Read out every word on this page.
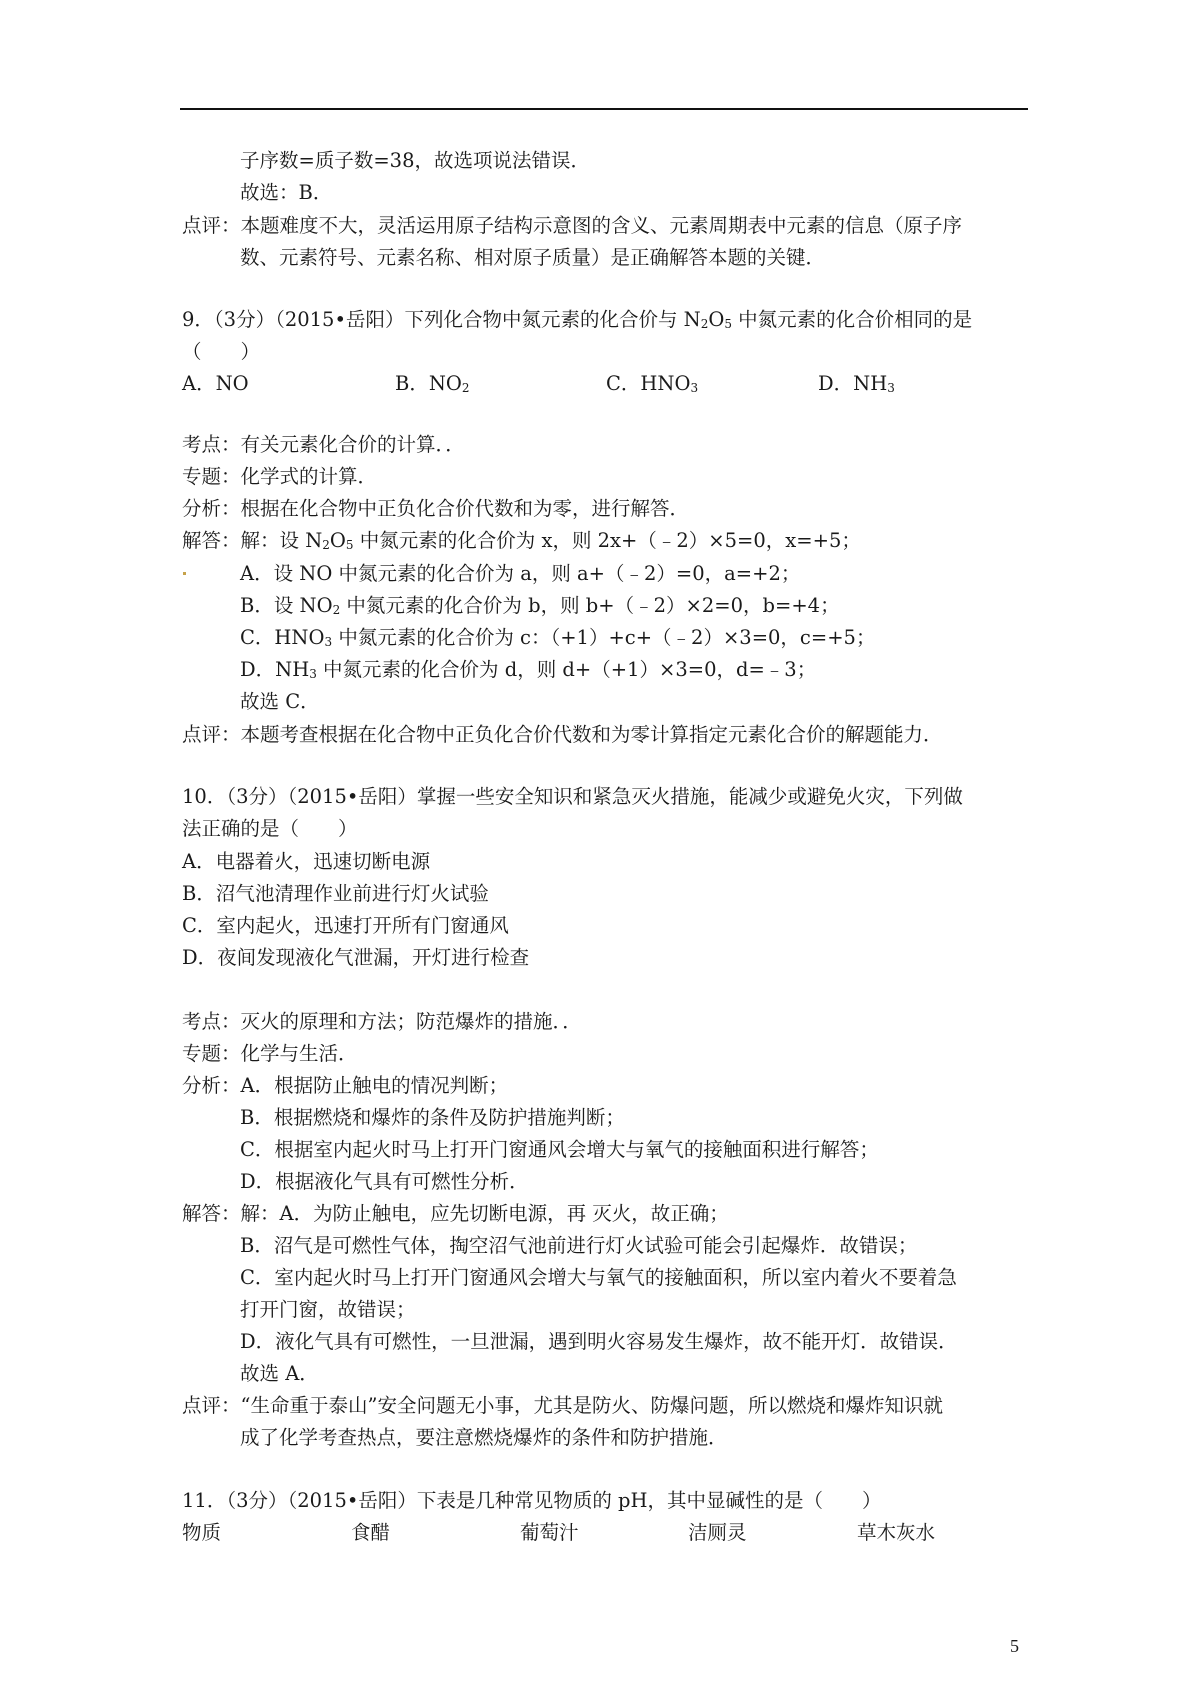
子序数=质子数=38，故选项说法错误．
故选：B．
点评：本题难度不大，灵活运用原子结构示意图的含义、元素周期表中元素的信息（原子序
数、元素符号、元素名称、相对原子质量）是正确解答本题的关键．
9．（3分）（2015•岳阳）下列化合物中氮元素的化合价与 $N_2O_5$ 中氮元素的化合价相同的是
（　　）
A．NO	B．$NO_2$	C．$HNO_3$	D．$NH_3$
考点：有关元素化合价的计算．．
专题：化学式的计算．
分析：根据在化合物中正负化合价代数和为零，进行解答．
解答：解：设 $N_2O_5$ 中氮元素的化合价为 x，则 2x+（﹣2）×5=0，x=+5；
A．设 NO 中氮元素的化合价为 a，则 a+（﹣2）=0，a=+2；
B．设 $NO_2$ 中氮元素的化合价为 b，则 b+（﹣2）×2=0，b=+4；
C．$HNO_3$ 中氮元素的化合价为 c：（+1）+c+（﹣2）×3=0，c=+5；
D．$NH_3$ 中氮元素的化合价为 d，则 d+（+1）×3=0，d=﹣3；
故选 C．
点评：本题考查根据在化合物中正负化合价代数和为零计算指定元素化合价的解题能力．
10．（3分）（2015•岳阳）掌握一些安全知识和紧急灭火措施，能减少或避免火灾，下列做
法正确的是（　　）
A．电器着火，迅速切断电源
B．沼气池清理作业前进行灯火试验
C．室内起火，迅速打开所有门窗通风
D．夜间发现液化气泄漏，开灯进行检查
考点：灭火的原理和方法；防范爆炸的措施．．
专题：化学与生活．
分析：A．根据防止触电的情况判断；
B．根据燃烧和爆炸的条件及防护措施判断；
C．根据室内起火时马上打开门窗通风会增大与氧气的接触面积进行解答；
D．根据液化气具有可燃性分析．
解答：解：A．为防止触电，应先切断电源，再 灭火，故正确；
B．沼气是可燃性气体，掏空沼气池前进行灯火试验可能会引起爆炸．故错误；
C．室内起火时马上打开门窗通风会增大与氧气的接触面积，所以室内着火不要着急
打开门窗，故错误；
D．液化气具有可燃性，一旦泄漏，遇到明火容易发生爆炸，故不能开灯．故错误．
故选 A．
点评：“生命重于泰山”安全问题无小事，尤其是防火、防爆问题，所以燃烧和爆炸知识就
成了化学考查热点，要注意燃烧爆炸的条件和防护措施．
11．（3分）（2015•岳阳）下表是几种常见物质的 pH，其中显碱性的是（　　）
物质	食醋	葡萄汁	洁厕灵	草木灰水
5
